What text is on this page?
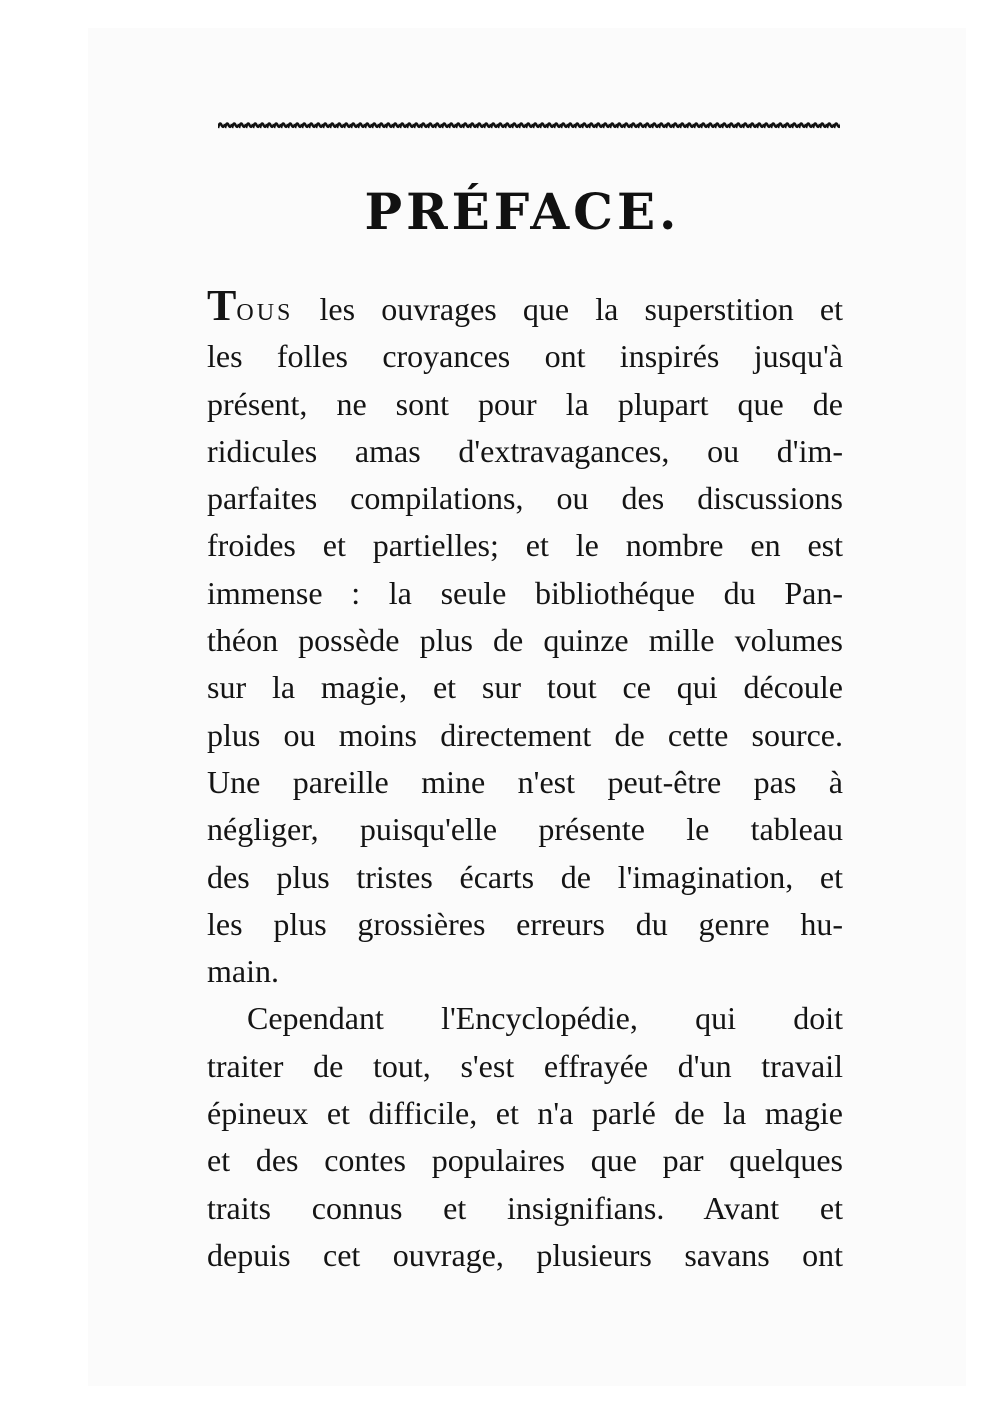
PRÉFACE.
TOUS les ouvrages que la superstition et
les folles croyances ont inspirés jusqu'à
présent, ne sont pour la plupart que de
ridicules amas d'extravagances, ou d'im-
parfaites compilations, ou des discussions
froides et partielles; et le nombre en est
immense : la seule bibliothéque du Pan-
théon possède plus de quinze mille volumes
sur la magie, et sur tout ce qui découle
plus ou moins directement de cette source.
Une pareille mine n'est peut-être pas à
négliger, puisqu'elle présente le tableau
des plus tristes écarts de l'imagination, et
les plus grossières erreurs du genre hu-
main.
Cependant l'Encyclopédie, qui doit
traiter de tout, s'est effrayée d'un travail
épineux et difficile, et n'a parlé de la magie
et des contes populaires que par quelques
traits connus et insignifians. Avant et
depuis cet ouvrage, plusieurs savans ont
